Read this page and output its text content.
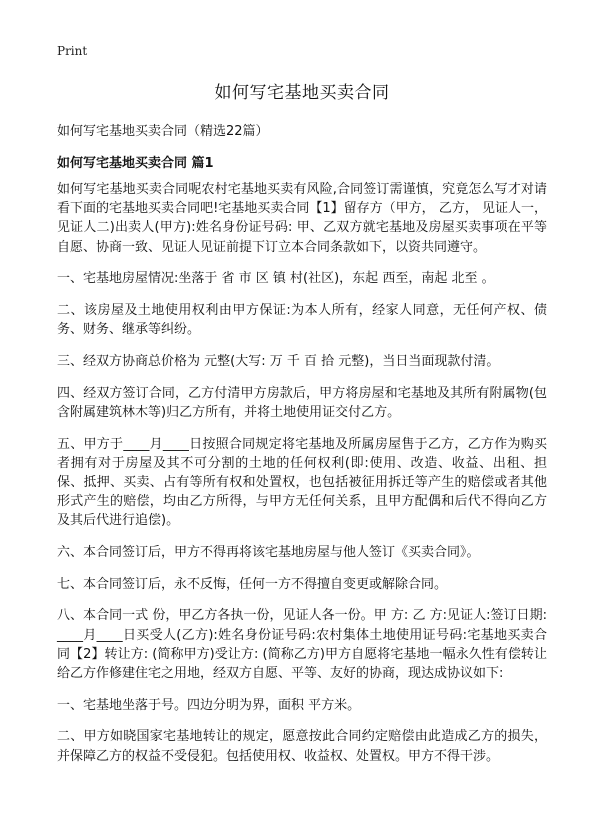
Print
如何写宅基地买卖合同

如何写宅基地买卖合同（精选22篇）

如何写宅基地买卖合同 篇1

如何写宅基地买卖合同呢农村宅基地买卖有风险,合同签订需谨慎，究竟怎么写才对请看下面的宅基地买卖合同吧!宅基地买卖合同【1】留存方（甲方， 乙方， 见证人一， 见证人二)出卖人(甲方):姓名身份证号码: 甲、乙双方就宅基地及房屋买卖事项在平等自愿、协商一致、见证人见证前提下订立本合同条款如下，以资共同遵守。

一、宅基地房屋情况:坐落于 省 市 区 镇 村(社区)，东起 西至，南起 北至 。

二、该房屋及土地使用权利由甲方保证:为本人所有，经家人同意，无任何产权、债务、财务、继承等纠纷。

三、经双方协商总价格为 元整(大写: 万 千 百 拾 元整)，当日当面现款付清。

四、经双方签订合同，乙方付清甲方房款后，甲方将房屋和宅基地及其所有附属物(包含附属建筑林木等)归乙方所有，并将土地使用证交付乙方。

五、甲方于____月____日按照合同规定将宅基地及所属房屋售于乙方，乙方作为购买者拥有对于房屋及其不可分割的土地的任何权利(即:使用、改造、收益、出租、担保、抵押、买卖、占有等所有权和处置权，也包括被征用拆迁等产生的赔偿或者其他形式产生的赔偿，均由乙方所得，与甲方无任何关系，且甲方配偶和后代不得向乙方及其后代进行追偿)。

六、本合同签订后，甲方不得再将该宅基地房屋与他人签订《买卖合同》。

七、本合同签订后，永不反悔，任何一方不得擅自变更或解除合同。

八、本合同一式 份，甲乙方各执一份，见证人各一份。甲 方: 乙 方:见证人:签订日期:____月____日买受人(乙方):姓名身份证号码:农村集体土地使用证号码:宅基地买卖合同【2】转让方: (简称甲方)受让方: (简称乙方)甲方自愿将宅基地一幅永久性有偿转让给乙方作修建住宅之用地，经双方自愿、平等、友好的协商，现达成协议如下:

一、宅基地坐落于号。四边分明为界，面积 平方米。

二、甲方如晓国家宅基地转让的规定，愿意按此合同约定赔偿由此造成乙方的损失，并保障乙方的权益不受侵犯。包括使用权、收益权、处置权。甲方不得干涉。
